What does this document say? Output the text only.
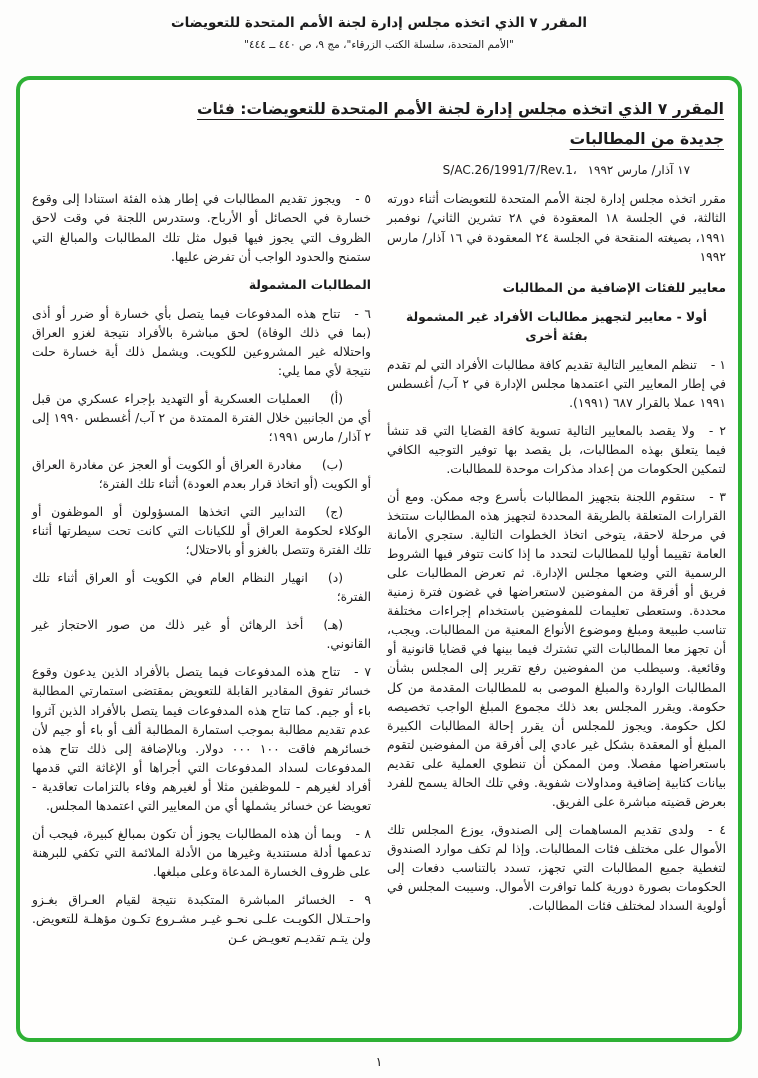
المقرر ٧ الذي اتخذه مجلس إدارة لجنة الأمم المتحدة للتعويضات
"الأمم المتحدة، سلسلة الكتب الزرقاء"، مج ٩، ص ٤٤٠ ــ ٤٤٤"
المقرر ٧ الذي اتخذه مجلس إدارة لجنة الأمم المتحدة للتعويضات: فئات
جديدة من المطالبات
S/AC.26/1991/7/Rev.1، ١٧ آذار/ مارس ١٩٩٢

مقرر اتخذه مجلس إدارة لجنة الأمم المتحدة للتعويضات أثناء دورته الثالثة، في الجلسة ١٨ المعقودة في ٢٨ تشرين الثاني/ نوفمبر ١٩٩١، بصيغته المنقحة في الجلسة ٢٤ المعقودة في ١٦ آذار/ مارس ١٩٩٢

معايير للفئات الإضافية من المطالبات

أولا - معايير لتجهيز مطالبات الأفراد غير المشمولة بفئة أخرى

١ -تنظم المعايير التالية تقديم كافة مطالبات الأفراد التي لم تقدم في إطار المعايير التي اعتمدها مجلس الإدارة في ٢ آب/ أغسطس ١٩٩١ عملا بالقرار ٦٨٧ (١٩٩١).

٢ -ولا يقصد بالمعايير التالية تسوية كافة القضايا التي قد تنشأ فيما يتعلق بهذه المطالبات، بل يقصد بها توفير التوجيه الكافي لتمكين الحكومات من إعداد مذكرات موحدة للمطالبات.

٣ -ستقوم اللجنة بتجهيز المطالبات بأسرع وجه ممكن. ومع أن القرارات المتعلقة بالطريقة المحددة لتجهيز هذه المطالبات ستتخذ في مرحلة لاحقة، يتوخى اتخاذ الخطوات التالية. ستجري الأمانة العامة تقييما أوليا للمطالبات لتحدد ما إذا كانت تتوفر فيها الشروط الرسمية التي وضعها مجلس الإدارة. ثم تعرض المطالبات على فريق أو أفرقة من المفوضين لاستعراضها في غضون فترة زمنية محددة. وستعطى تعليمات للمفوضين باستخدام إجراءات مختلفة تناسب طبيعة ومبلغ وموضوع الأنواع المعنية من المطالبات. ويجب، أن تجهز معا المطالبات التي تشترك فيما بينها في قضايا قانونية أو وقائعية. وسيطلب من المفوضين رفع تقرير إلى المجلس بشأن المطالبات الواردة والمبلغ الموصى به للمطالبات المقدمة من كل حكومة. ويقرر المجلس بعد ذلك مجموع المبلغ الواجب تخصيصه لكل حكومة. ويجوز للمجلس أن يقرر إحالة المطالبات الكبيرة المبلغ أو المعقدة بشكل غير عادي إلى أفرقة من المفوضين لتقوم باستعراضها مفصلا. ومن الممكن أن تنطوي العملية على تقديم بيانات كتابية إضافية ومداولات شفوية. وفي تلك الحالة يسمح للفرد بعرض قضيته مباشرة على الفريق.

٤ -ولدى تقديم المساهمات إلى الصندوق، يوزع المجلس تلك الأموال على مختلف فئات المطالبات. وإذا لم تكف موارد الصندوق لتغطية جميع المطالبات التي تجهز، تسدد بالتناسب دفعات إلى الحكومات بصورة دورية كلما توافرت الأموال. وسيبت المجلس في أولوية السداد لمختلف فئات المطالبات.

٥ -ويجوز تقديم المطالبات في إطار هذه الفئة استنادا إلى وقوع خسارة في الحصائل أو الأرباح. وستدرس اللجنة في وقت لاحق الظروف التي يجوز فيها قبول مثل تلك المطالبات والمبالغ التي ستمنح والحدود الواجب أن تفرض عليها.

المطالبات المشمولة

٦ -تتاح هذه المدفوعات فيما يتصل بأي خسارة أو ضرر أو أذى (بما في ذلك الوفاة) لحق مباشرة بالأفراد نتيجة لغزو العراق واحتلاله غير المشروعين للكويت. ويشمل ذلك أية خسارة حلت نتيجة لأي مما يلي:

(أ)العمليات العسكرية أو التهديد بإجراء عسكري من قبل أي من الجانبين خلال الفترة الممتدة من ٢ آب/ أغسطس ١٩٩٠ إلى ٢ آذار/ مارس ١٩٩١؛

(ب)مغادرة العراق أو الكويت أو العجز عن مغادرة العراق أو الكويت (أو اتخاذ قرار بعدم العودة) أثناء تلك الفترة؛

(ج)التدابير التي اتخذها المسؤولون أو الموظفون أو الوكلاء لحكومة العراق أو للكيانات التي كانت تحت سيطرتها أثناء تلك الفترة وتتصل بالغزو أو بالاحتلال؛

(د)انهيار النظام العام في الكويت أو العراق أثناء تلك الفترة؛

(هـ)أخذ الرهائن أو غير ذلك من صور الاحتجاز غير القانوني.

٧ -تتاح هذه المدفوعات فيما يتصل بالأفراد الذين يدعون وقوع خسائر تفوق المقادير القابلة للتعويض بمقتضى استمارتي المطالبة باء أو جيم. كما تتاح هذه المدفوعات فيما يتصل بالأفراد الذين آثروا عدم تقديم مطالبة بموجب استمارة المطالبة ألف أو باء أو جيم لأن خسائرهم فاقت ١٠٠ ٠٠٠ دولار. وبالإضافة إلى ذلك تتاح هذه المدفوعات لسداد المدفوعات التي أجراها أو الإغاثة التي قدمها أفراد لغيرهم - للموظفين مثلا أو لغيرهم وفاء بالتزامات تعاقدية - تعويضا عن خسائر يشملها أي من المعايير التي اعتمدها المجلس.

٨ -وبما أن هذه المطالبات يجوز أن تكون بمبالغ كبيرة، فيجب أن تدعمها أدلة مستندية وغيرها من الأدلة الملائمة التي تكفي للبرهنة على ظروف الخسارة المدعاة وعلى مبلغها.

٩ -الخسائر المباشرة المتكبدة نتيجة لقيام العـراق بغـزو واحـتـلال الكويـت علـى نحـو غيـر مشـروع تكـون مؤهلـة للتعويض. ولن يتـم تقديـم تعويـض عـن

١
